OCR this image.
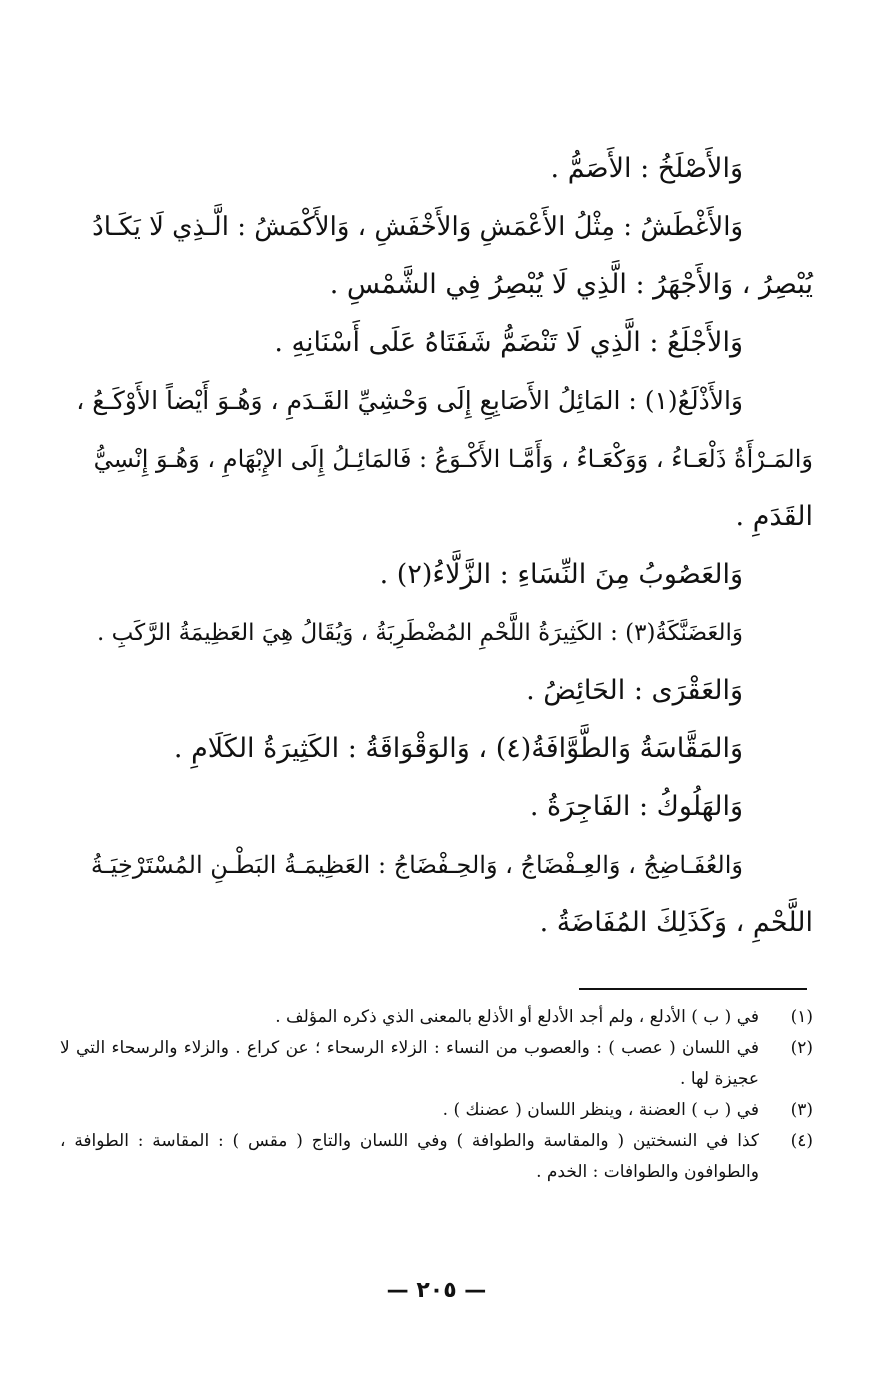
وَالأَصْلَخُ : الأَصَمُّ .
وَالأَغْطَشُ : مِثْلُ الأَعْمَشِ وَالأَخْفَشِ ، وَالأَكْمَشُ : الَّـذِي لَا يَكَـادُ
يُبْصِرُ ، وَالأَجْهَرُ : الَّذِي لَا يُبْصِرُ فِي الشَّمْسِ .
وَالأَجْلَعُ : الَّذِي لَا تَنْضَمُّ شَفَتَاهُ عَلَى أَسْنَانِهِ .
وَالأَذْلَعُ(١) : المَائِلُ الأَصَابِعِ إِلَى وَحْشِيِّ القَـدَمِ ، وَهُـوَ أَيْضاً الأَوْكَـعُ ،
وَالمَـرْأَةُ ذَلْعَـاءُ ، وَوَكْعَـاءُ ، وَأَمَّـا الأَكْـوَعُ : فَالمَائِـلُ إِلَى الإِبْهَامِ ، وَهُـوَ إِنْسِيُّ
القَدَمِ .
وَالعَصُوبُ مِنَ النِّسَاءِ : الزَّلَّاءُ(٢) .
وَالعَضَنَّكَةُ(٣) : الكَثِيرَةُ اللَّحْمِ المُضْطَرِبَةُ ، وَيُقَالُ هِيَ العَظِيمَةُ الرَّكَبِ .
وَالعَقْرَى : الحَائِضُ .
وَالمَقَّاسَةُ وَالطَّوَّافَةُ(٤) ، وَالوَقْوَاقَةُ : الكَثِيرَةُ الكَلَامِ .
وَالهَلُوكُ : الفَاجِرَةُ .
وَالعُفَـاضِجُ ، وَالعِـفْضَاجُ ، وَالحِـفْضَاجُ : العَظِيمَـةُ البَطْـنِ المُسْتَرْخِيَـةُ
اللَّحْمِ ، وَكَذَلِكَ المُفَاضَةُ .
(١)
في ( ب ) الأدلع ، ولم أجد الأدلع أو الأذلع بالمعنى الذي ذكره المؤلف .
(٢)
في اللسان ( عصب ) : والعصوب من النساء : الزلاء الرسحاء ؛ عن كراع . والزلاء والرسحاء التي لا عجيزة لها .
(٣)
في ( ب ) العضنة ، وينظر اللسان ( عضنك ) .
(٤)
كذا في النسختين ( والمقاسة والطوافة ) وفي اللسان والتاج ( مقس ) : المقاسة : الطوافة ، والطوافون والطوافات : الخدم .
— ٢٠٥ —
